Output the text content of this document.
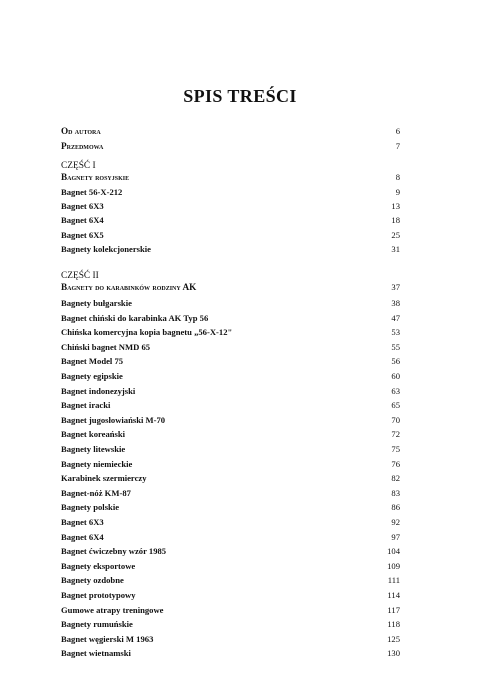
SPIS TREŚCI
Od autora	6
Przedmowa	7
CZĘŚĆ I
Bagnety rosyjskie	8
Bagnet 56-X-212	9
Bagnet 6X3	13
Bagnet 6X4	18
Bagnet 6X5	25
Bagnety kolekcjonerskie	31
CZĘŚĆ II
Bagnety do karabinków rodziny AK	37
Bagnety bułgarskie	38
Bagnet chiński do karabinka AK Typ 56	47
Chińska komercyjna kopia bagnetu „56-X-12"	53
Chiński bagnet NMD 65	55
Bagnet Model 75	56
Bagnety egipskie	60
Bagnet indonezyjski	63
Bagnet iracki	65
Bagnet jugosłowiański M-70	70
Bagnet koreański	72
Bagnety litewskie	75
Bagnety niemieckie	76
Karabinek szermierczy	82
Bagnet-nóż KM-87	83
Bagnety polskie	86
Bagnet 6X3	92
Bagnet 6X4	97
Bagnet ćwiczebny wzór 1985	104
Bagnety eksportowe	109
Bagnety ozdobne	111
Bagnet prototypowy	114
Gumowe atrapy treningowe	117
Bagnety rumuńskie	118
Bagnet węgierski M 1963	125
Bagnet wietnamski	130
